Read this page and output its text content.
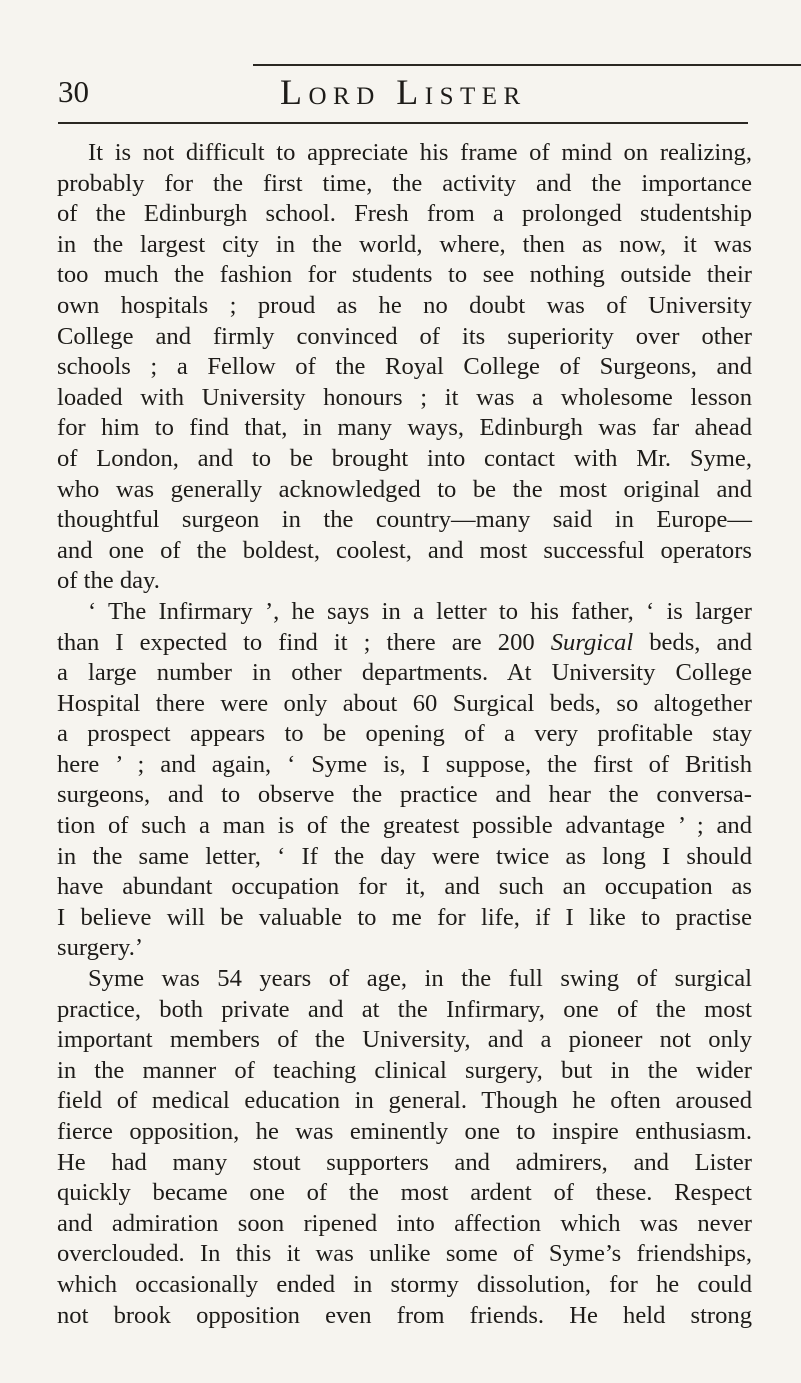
30	Lord Lister

It is not difficult to appreciate his frame of mind on realizing,
probably for the first time, the activity and the importance
of the Edinburgh school. Fresh from a prolonged studentship
in the largest city in the world, where, then as now, it was
too much the fashion for students to see nothing outside their
own hospitals ; proud as he no doubt was of University
College and firmly convinced of its superiority over other
schools ; a Fellow of the Royal College of Surgeons, and
loaded with University honours ; it was a wholesome lesson
for him to find that, in many ways, Edinburgh was far ahead
of London, and to be brought into contact with Mr. Syme,
who was generally acknowledged to be the most original and
thoughtful surgeon in the country—many said in Europe—
and one of the boldest, coolest, and most successful operators
of the day.

‘ The Infirmary ’, he says in a letter to his father, ‘ is larger
than I expected to find it ; there are 200 Surgical beds, and
a large number in other departments. At University College
Hospital there were only about 60 Surgical beds, so altogether
a prospect appears to be opening of a very profitable stay
here ’ ; and again, ‘ Syme is, I suppose, the first of British
surgeons, and to observe the practice and hear the conversa-
tion of such a man is of the greatest possible advantage ’ ; and
in the same letter, ‘ If the day were twice as long I should
have abundant occupation for it, and such an occupation as
I believe will be valuable to me for life, if I like to practise
surgery.’

Syme was 54 years of age, in the full swing of surgical
practice, both private and at the Infirmary, one of the most
important members of the University, and a pioneer not only
in the manner of teaching clinical surgery, but in the wider
field of medical education in general. Though he often aroused
fierce opposition, he was eminently one to inspire enthusiasm.
He had many stout supporters and admirers, and Lister
quickly became one of the most ardent of these. Respect
and admiration soon ripened into affection which was never
overclouded. In this it was unlike some of Syme’s friendships,
which occasionally ended in stormy dissolution, for he could
not brook opposition even from friends. He held strong
